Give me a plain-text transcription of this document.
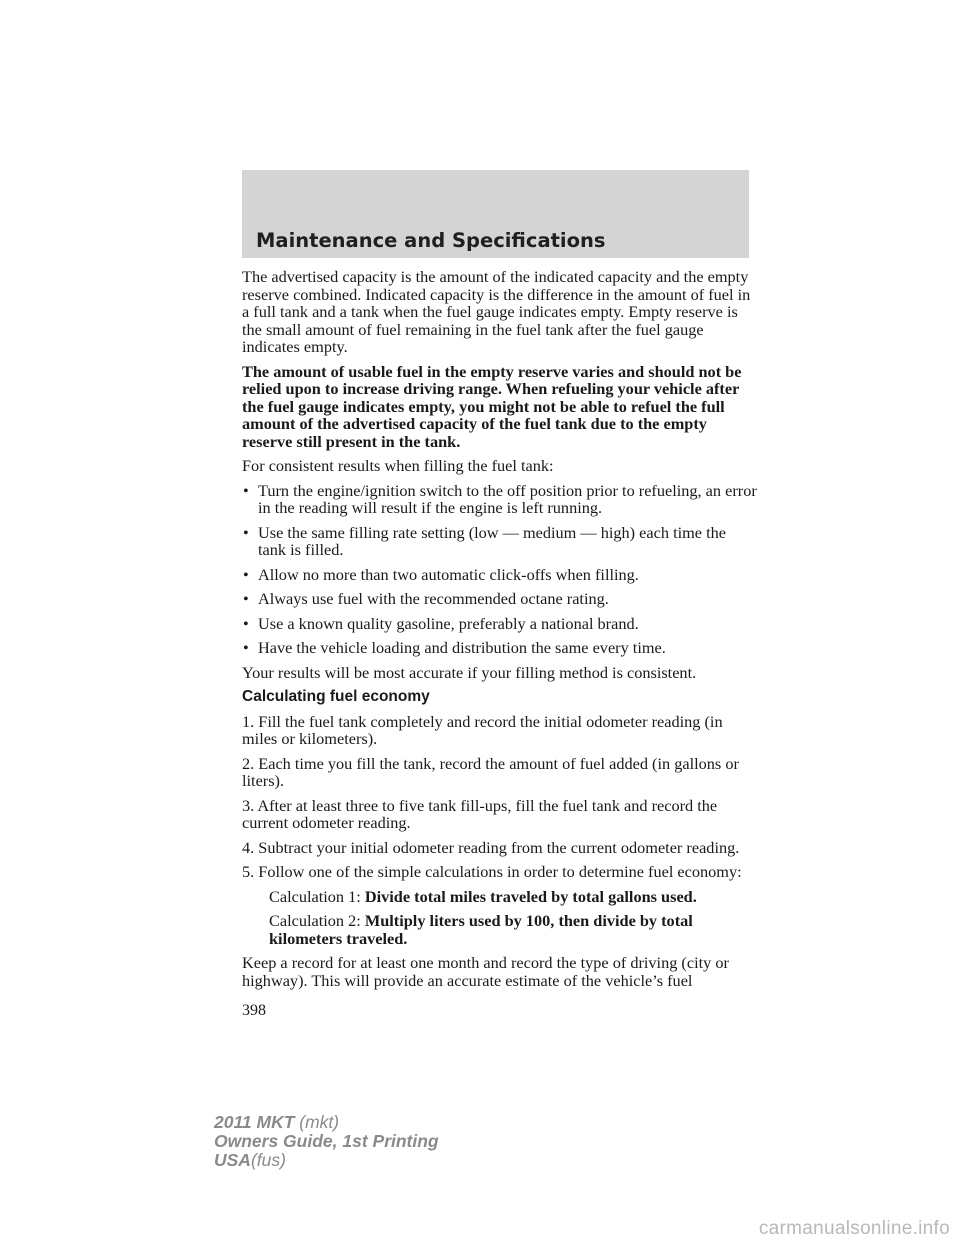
Maintenance and Specifications

The advertised capacity is the amount of the indicated capacity and the empty reserve combined. Indicated capacity is the difference in the amount of fuel in a full tank and a tank when the fuel gauge indicates empty. Empty reserve is the small amount of fuel remaining in the fuel tank after the fuel gauge indicates empty.

The amount of usable fuel in the empty reserve varies and should not be relied upon to increase driving range. When refueling your vehicle after the fuel gauge indicates empty, you might not be able to refuel the full amount of the advertised capacity of the fuel tank due to the empty reserve still present in the tank.

For consistent results when filling the fuel tank:

• Turn the engine/ignition switch to the off position prior to refueling, an error in the reading will result if the engine is left running.
• Use the same filling rate setting (low — medium — high) each time the tank is filled.
• Allow no more than two automatic click-offs when filling.
• Always use fuel with the recommended octane rating.
• Use a known quality gasoline, preferably a national brand.
• Have the vehicle loading and distribution the same every time.

Your results will be most accurate if your filling method is consistent.

Calculating fuel economy

1. Fill the fuel tank completely and record the initial odometer reading (in miles or kilometers).

2. Each time you fill the tank, record the amount of fuel added (in gallons or liters).

3. After at least three to five tank fill-ups, fill the fuel tank and record the current odometer reading.

4. Subtract your initial odometer reading from the current odometer reading.

5. Follow one of the simple calculations in order to determine fuel economy:

Calculation 1: Divide total miles traveled by total gallons used.

Calculation 2: Multiply liters used by 100, then divide by total kilometers traveled.

Keep a record for at least one month and record the type of driving (city or highway). This will provide an accurate estimate of the vehicle’s fuel

398
2011 MKT (mkt)
Owners Guide, 1st Printing
USA(fus)
carmanualsonline.info
